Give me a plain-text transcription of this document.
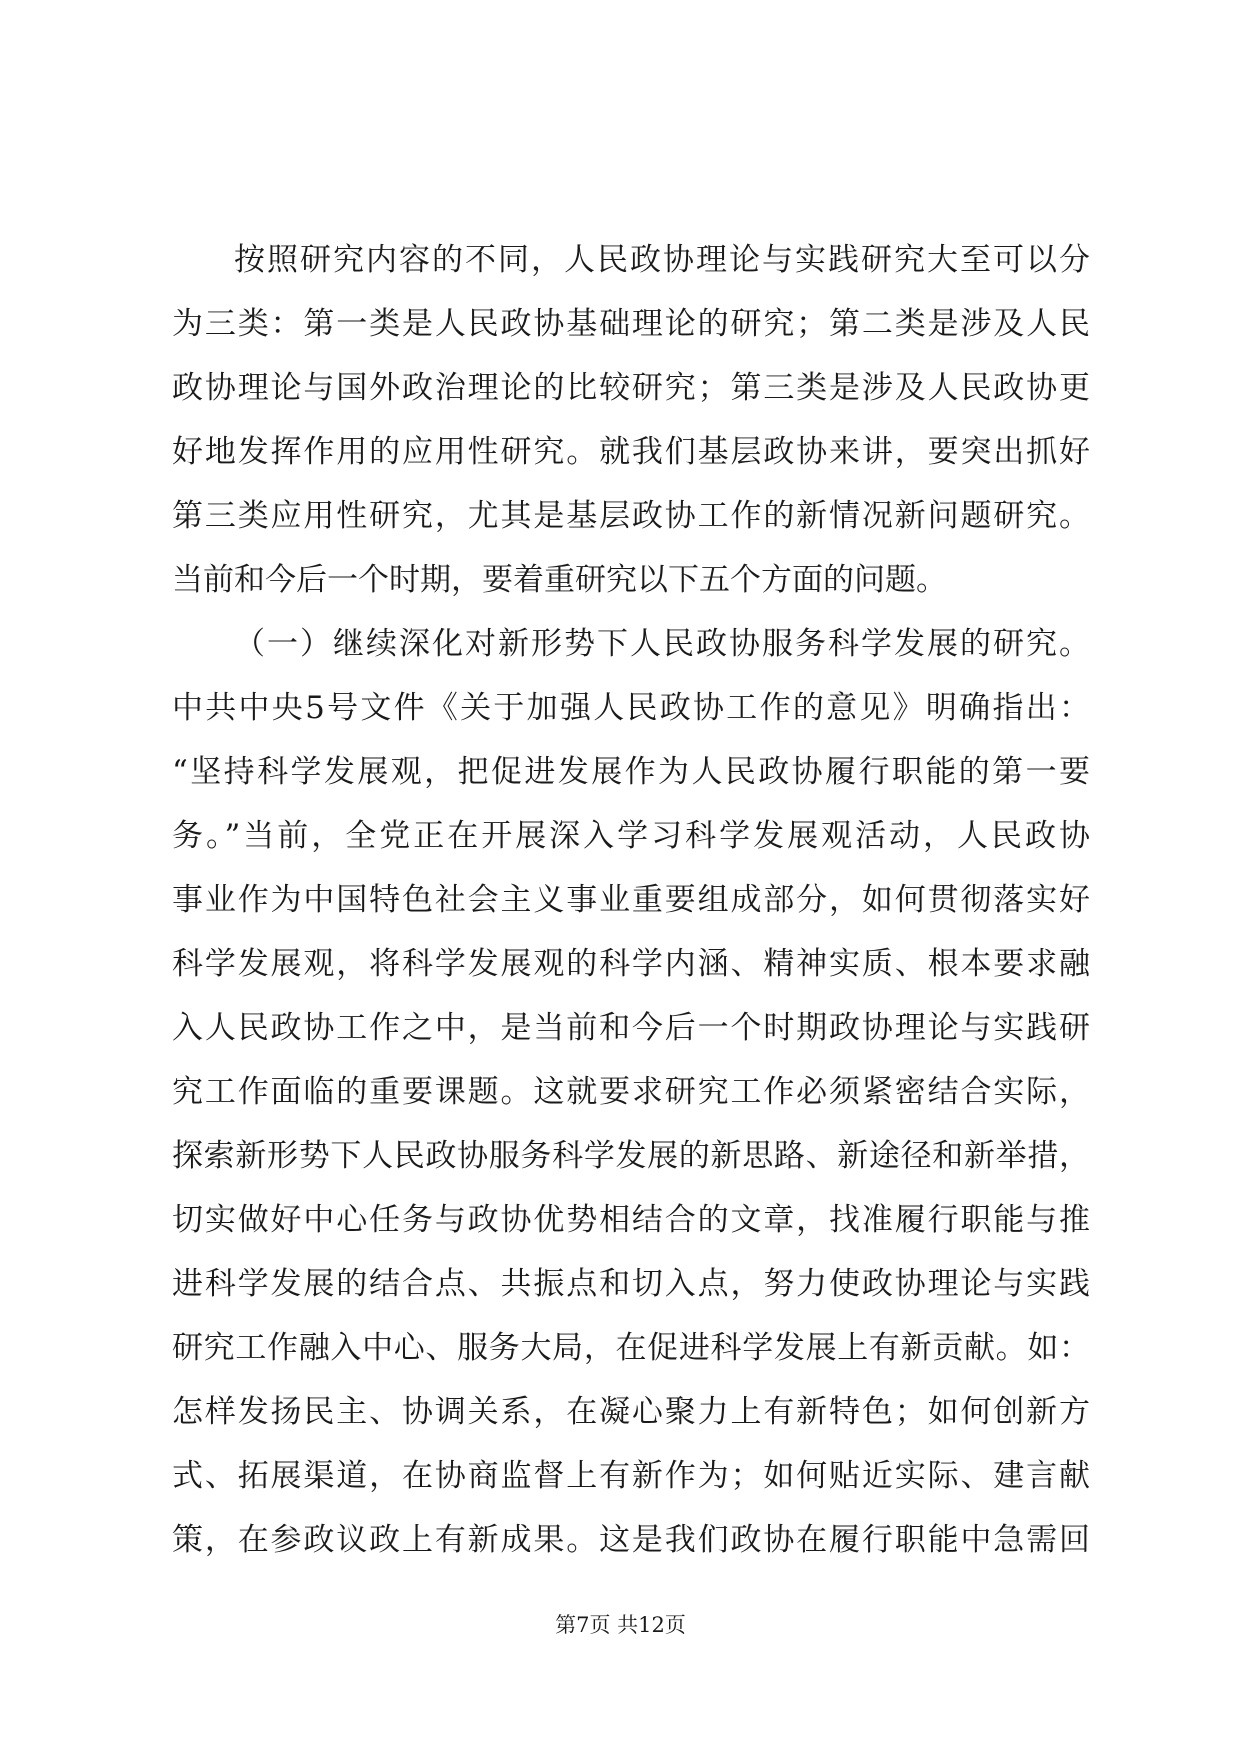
按照研究内容的不同，人民政协理论与实践研究大至可以分
为三类：第一类是人民政协基础理论的研究；第二类是涉及人民
政协理论与国外政治理论的比较研究；第三类是涉及人民政协更
好地发挥作用的应用性研究。就我们基层政协来讲，要突出抓好
第三类应用性研究，尤其是基层政协工作的新情况新问题研究。
当前和今后一个时期，要着重研究以下五个方面的问题。
（一）继续深化对新形势下人民政协服务科学发展的研究。
中共中央5号文件《关于加强人民政协工作的意见》明确指出：
“坚持科学发展观，把促进发展作为人民政协履行职能的第一要
务。”当前，全党正在开展深入学习科学发展观活动，人民政协
事业作为中国特色社会主义事业重要组成部分，如何贯彻落实好
科学发展观，将科学发展观的科学内涵、精神实质、根本要求融
入人民政协工作之中，是当前和今后一个时期政协理论与实践研
究工作面临的重要课题。这就要求研究工作必须紧密结合实际，
探索新形势下人民政协服务科学发展的新思路、新途径和新举措，
切实做好中心任务与政协优势相结合的文章，找准履行职能与推
进科学发展的结合点、共振点和切入点，努力使政协理论与实践
研究工作融入中心、服务大局，在促进科学发展上有新贡献。如：
怎样发扬民主、协调关系，在凝心聚力上有新特色；如何创新方
式、拓展渠道，在协商监督上有新作为；如何贴近实际、建言献
策，在参政议政上有新成果。这是我们政协在履行职能中急需回
第7页 共12页
